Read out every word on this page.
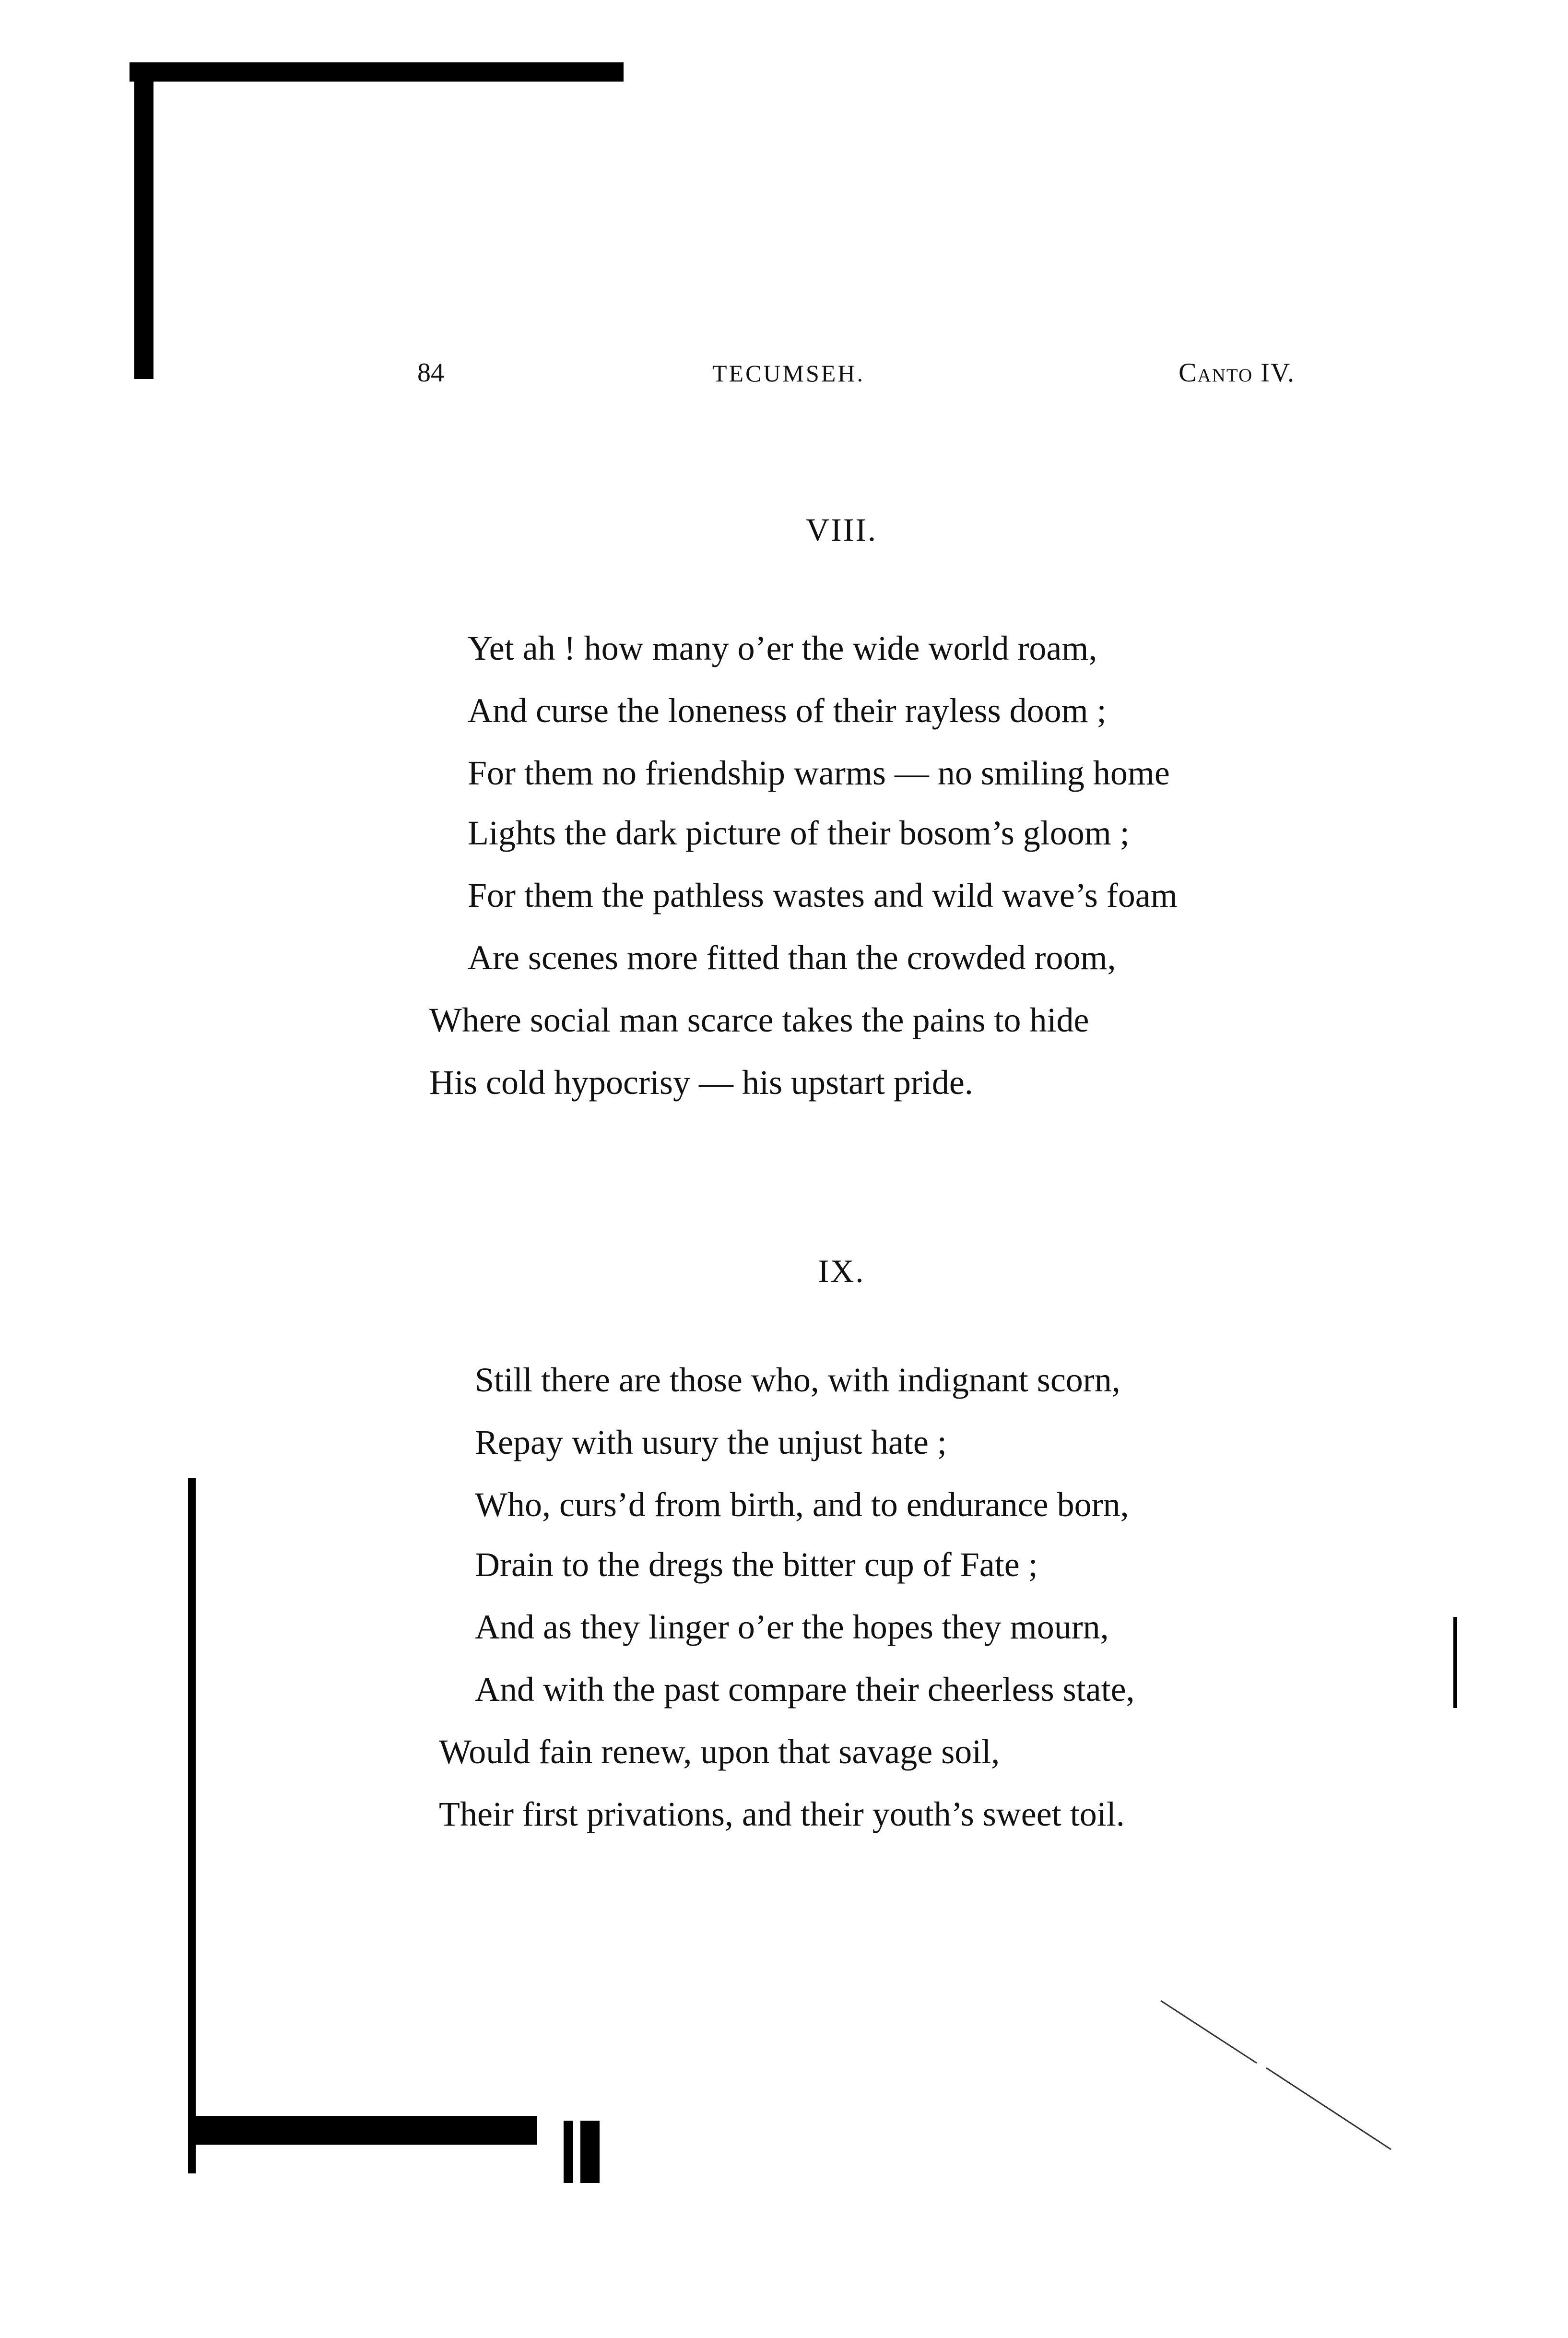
84	TECUMSEH.	Canto IV.
VIII.
Yet ah ! how many o’er the wide world roam,
And curse the loneness of their rayless doom ;
For them no friendship warms — no smiling home
Lights the dark picture of their bosom’s gloom ;
For them the pathless wastes and wild wave’s foam
Are scenes more fitted than the crowded room,
Where social man scarce takes the pains to hide
His cold hypocrisy — his upstart pride.
IX.
Still there are those who, with indignant scorn,
Repay with usury the unjust hate ;
Who, curs’d from birth, and to endurance born,
Drain to the dregs the bitter cup of Fate ;
And as they linger o’er the hopes they mourn,
And with the past compare their cheerless state,
Would fain renew, upon that savage soil,
Their first privations, and their youth’s sweet toil.
